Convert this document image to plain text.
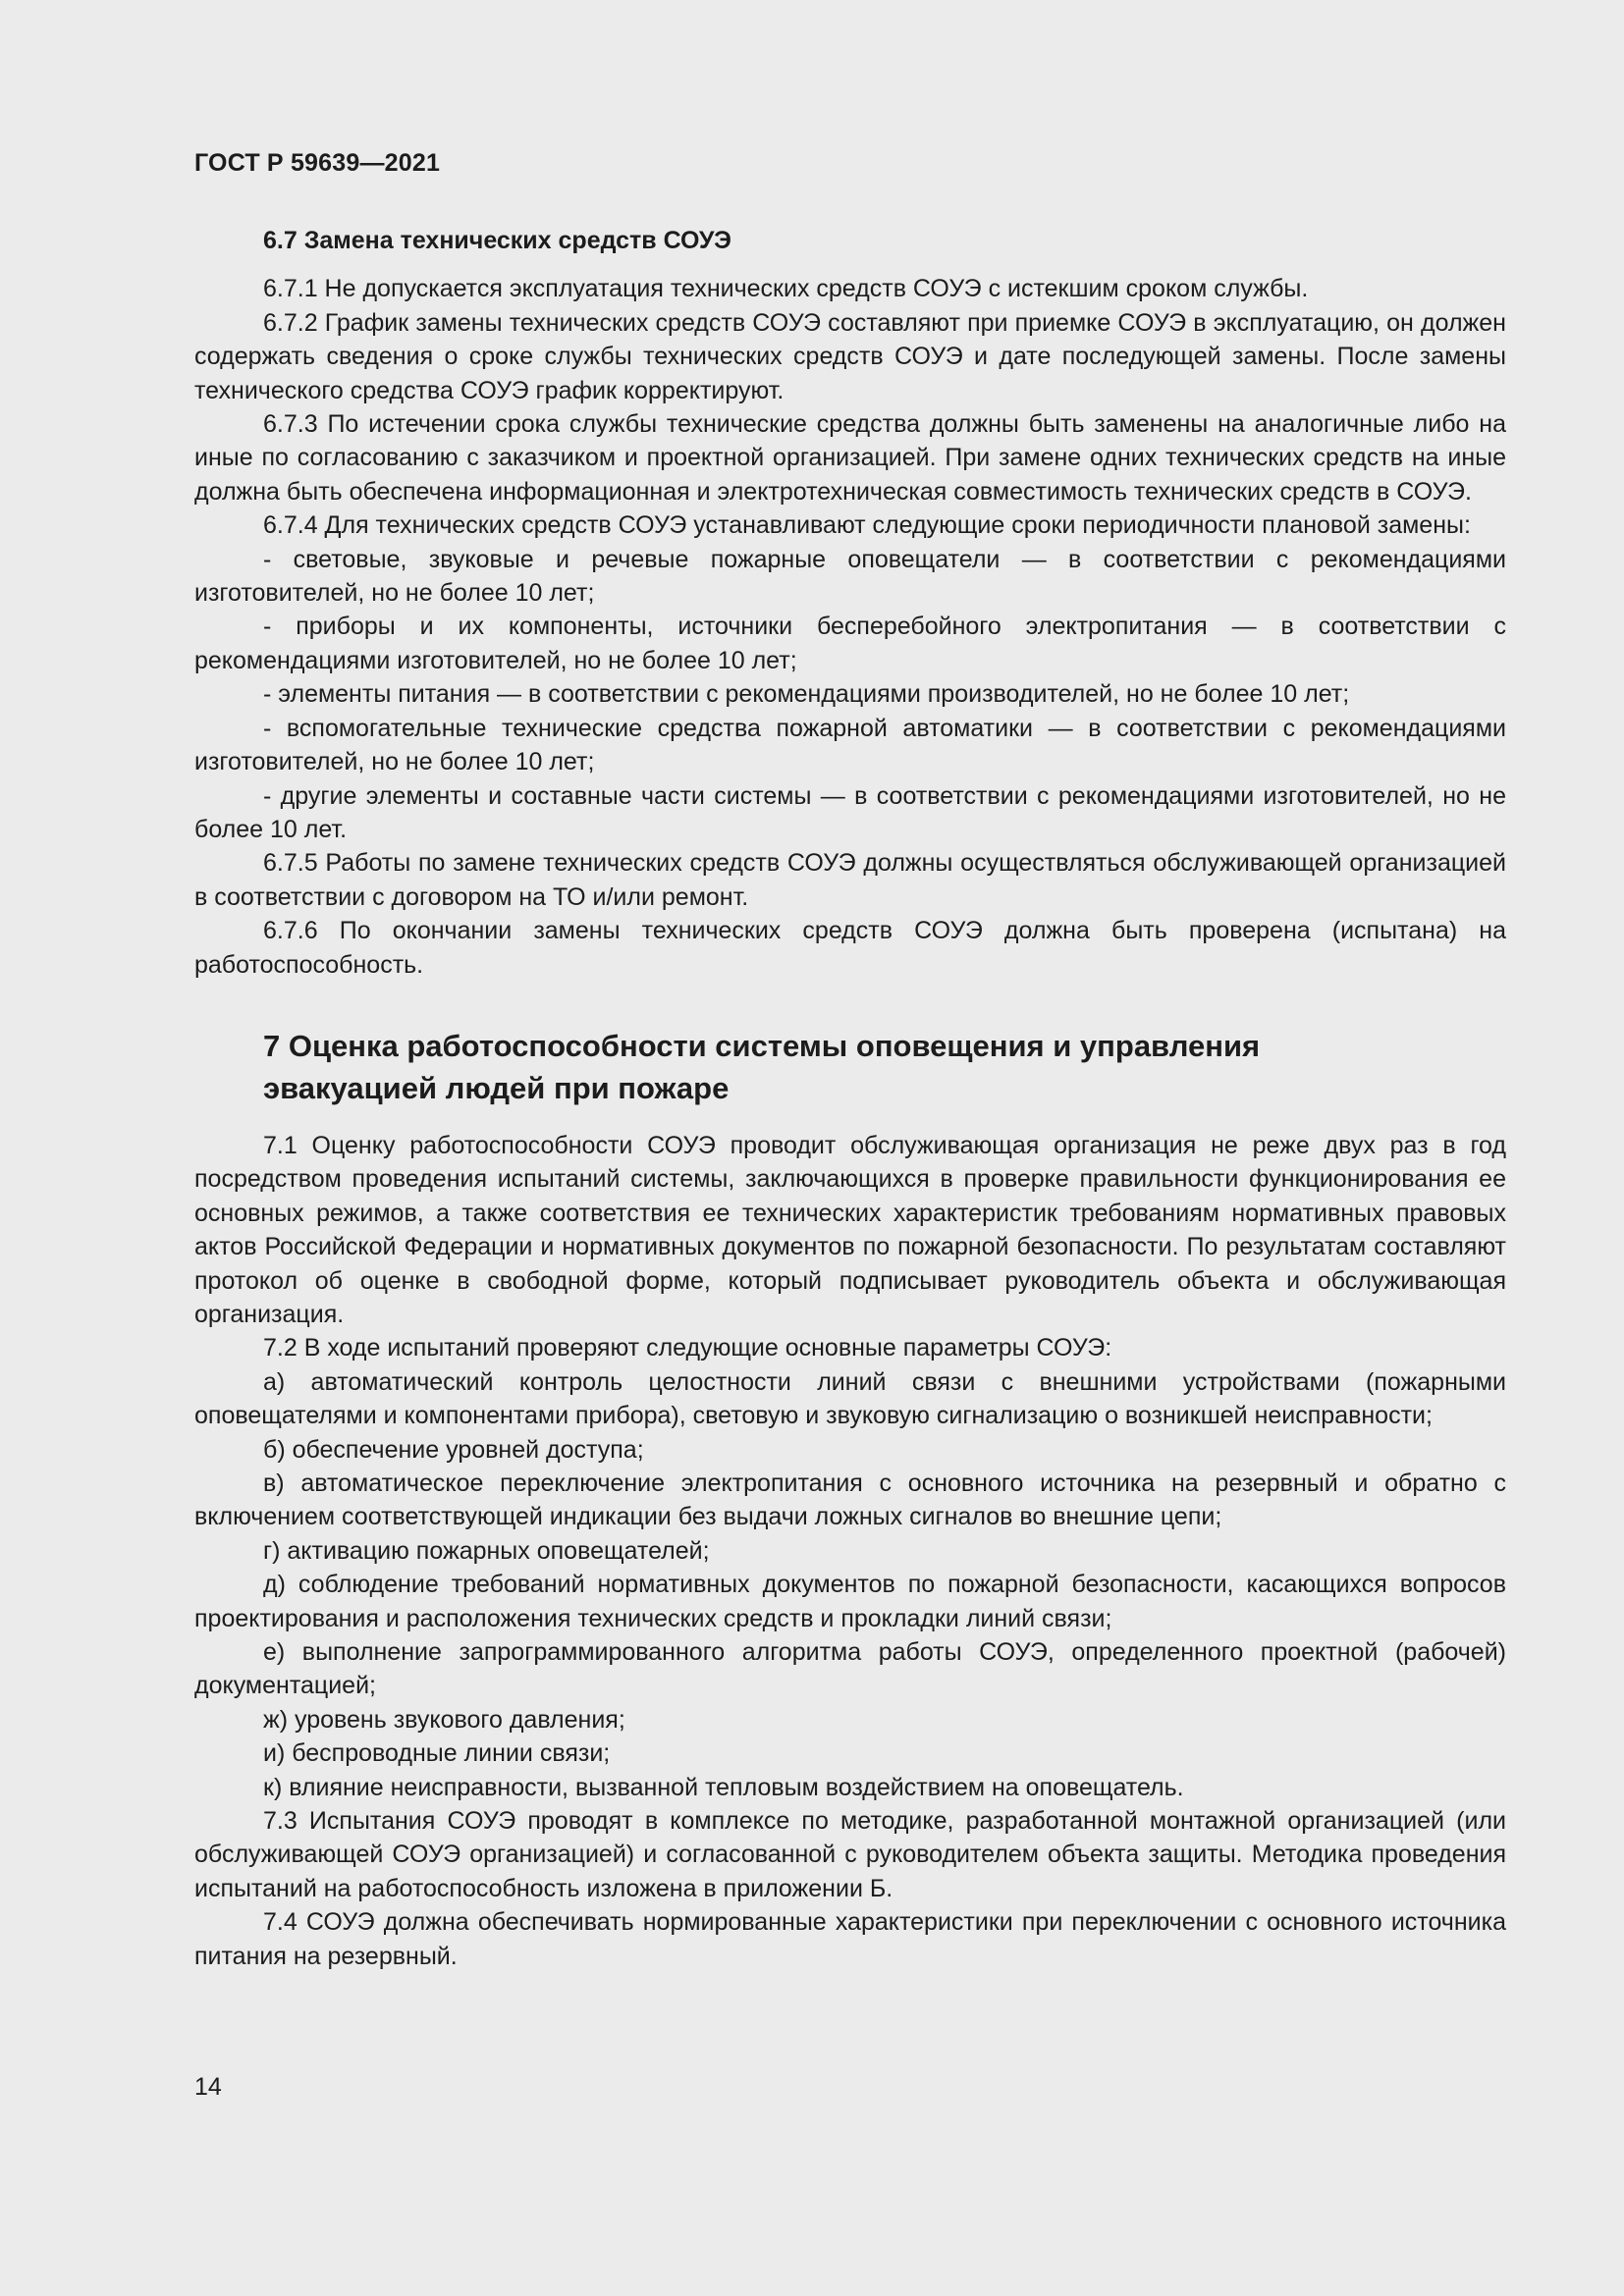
ГОСТ Р 59639—2021
6.7 Замена технических средств СОУЭ

6.7.1 Не допускается эксплуатация технических средств СОУЭ с истекшим сроком службы.

6.7.2 График замены технических средств СОУЭ составляют при приемке СОУЭ в эксплуатацию, он должен содержать сведения о сроке службы технических средств СОУЭ и дате последующей замены. После замены технического средства СОУЭ график корректируют.

6.7.3 По истечении срока службы технические средства должны быть заменены на аналогичные либо на иные по согласованию с заказчиком и проектной организацией. При замене одних технических средств на иные должна быть обеспечена информационная и электротехническая совместимость технических средств в СОУЭ.

6.7.4 Для технических средств СОУЭ устанавливают следующие сроки периодичности плановой замены:

- световые, звуковые и речевые пожарные оповещатели — в соответствии с рекомендациями изготовителей, но не более 10 лет;

- приборы и их компоненты, источники бесперебойного электропитания — в соответствии с рекомендациями изготовителей, но не более 10 лет;

- элементы питания — в соответствии с рекомендациями производителей, но не более 10 лет;

- вспомогательные технические средства пожарной автоматики — в соответствии с рекомендациями изготовителей, но не более 10 лет;

- другие элементы и составные части системы — в соответствии с рекомендациями изготовителей, но не более 10 лет.

6.7.5 Работы по замене технических средств СОУЭ должны осуществляться обслуживающей организацией в соответствии с договором на ТО и/или ремонт.

6.7.6 По окончании замены технических средств СОУЭ должна быть проверена (испытана) на работоспособность.

7 Оценка работоспособности системы оповещения и управления
эвакуацией людей при пожаре

7.1 Оценку работоспособности СОУЭ проводит обслуживающая организация не реже двух раз в год посредством проведения испытаний системы, заключающихся в проверке правильности функционирования ее основных режимов, а также соответствия ее технических характеристик требованиям нормативных правовых актов Российской Федерации и нормативных документов по пожарной безопасности. По результатам составляют протокол об оценке в свободной форме, который подписывает руководитель объекта и обслуживающая организация.

7.2 В ходе испытаний проверяют следующие основные параметры СОУЭ:

а) автоматический контроль целостности линий связи с внешними устройствами (пожарными оповещателями и компонентами прибора), световую и звуковую сигнализацию о возникшей неисправности;

б) обеспечение уровней доступа;

в) автоматическое переключение электропитания с основного источника на резервный и обратно с включением соответствующей индикации без выдачи ложных сигналов во внешние цепи;

г) активацию пожарных оповещателей;

д) соблюдение требований нормативных документов по пожарной безопасности, касающихся вопросов проектирования и расположения технических средств и прокладки линий связи;

е) выполнение запрограммированного алгоритма работы СОУЭ, определенного проектной (рабочей) документацией;

ж) уровень звукового давления;

и) беспроводные линии связи;

к) влияние неисправности, вызванной тепловым воздействием на оповещатель.

7.3 Испытания СОУЭ проводят в комплексе по методике, разработанной монтажной организацией (или обслуживающей СОУЭ организацией) и согласованной с руководителем объекта защиты. Методика проведения испытаний на работоспособность изложена в приложении Б.

7.4 СОУЭ должна обеспечивать нормированные характеристики при переключении с основного источника питания на резервный.

14
